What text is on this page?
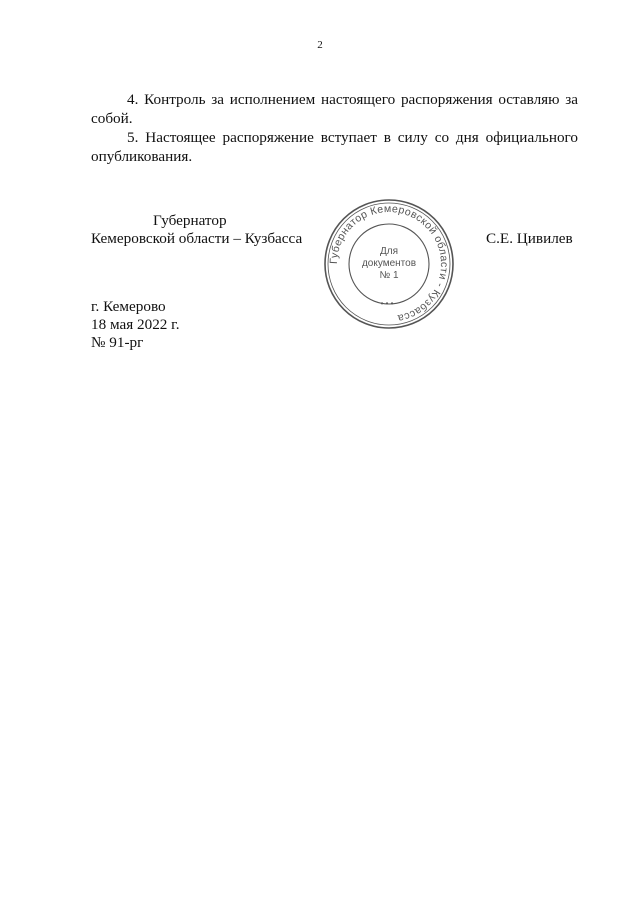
2

4. Контроль за исполнением настоящего распоряжения оставляю за собой.

5. Настоящее распоряжение вступает в силу со дня официального опубликования.

Губернатор
Кемеровской области – Кузбасса
Губернатор Кемеровской области - Кузбасса
• • •
Для
документов
№ 1
С.Е. Цивилев
г. Кемерово
18 мая 2022 г.
№ 91-рг
